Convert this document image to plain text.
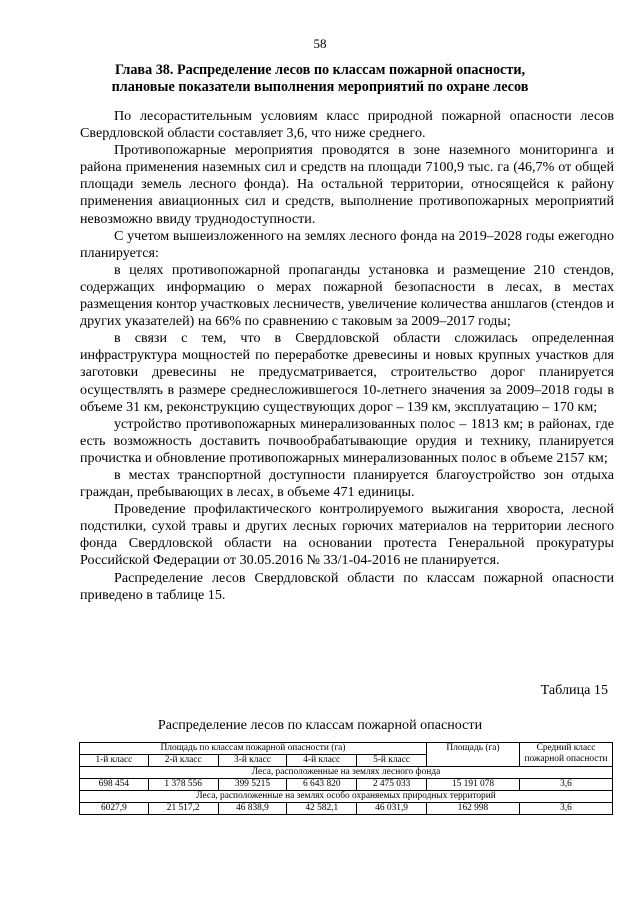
58
Глава 38. Распределение лесов по классам пожарной опасности,
плановые показатели выполнения мероприятий по охране лесов

По лесорастительным условиям класс природной пожарной опасности лесов Свердловской области составляет 3,6, что ниже среднего.

Противопожарные мероприятия проводятся в зоне наземного мониторинга и района применения наземных сил и средств на площади 7100,9 тыс. га (46,7% от общей площади земель лесного фонда). На остальной территории, относящейся к району применения авиационных сил и средств, выполнение противопожарных мероприятий невозможно ввиду труднодоступности.

С учетом вышеизложенного на землях лесного фонда на 2019–2028 годы ежегодно планируется:

в целях противопожарной пропаганды установка и размещение 210 стендов, содержащих информацию о мерах пожарной безопасности в лесах, в местах размещения контор участковых лесничеств, увеличение количества аншлагов (стендов и других указателей) на 66% по сравнению с таковым за 2009–2017 годы;

в связи с тем, что в Свердловской области сложилась определенная инфраструктура мощностей по переработке древесины и новых крупных участков для заготовки древесины не предусматривается, строительство дорог планируется осуществлять в размере среднесложившегося 10-летнего значения за 2009–2018 годы в объеме 31 км, реконструкцию существующих дорог – 139 км, эксплуатацию – 170 км;

устройство противопожарных минерализованных полос – 1813 км; в районах, где есть возможность доставить почвообрабатывающие орудия и технику, планируется прочистка и обновление противопожарных минерализованных полос в объеме 2157 км;

в местах транспортной доступности планируется благоустройство зон отдыха граждан, пребывающих в лесах, в объеме 471 единицы.

Проведение профилактического контролируемого выжигания хвороста, лесной подстилки, сухой травы и других лесных горючих материалов на территории лесного фонда Свердловской области на основании протеста Генеральной прокуратуры Российской Федерации от 30.05.2016 № 33/1-04-2016 не планируется.

Распределение лесов Свердловской области по классам пожарной опасности приведено в таблице 15.

Таблица 15
Распределение лесов по классам пожарной опасности
Площадь по классам пожарной опасности (га)					Площадь (га)	Средний класс пожарной опасности
1-й класс	2-й класс	3-й класс	4-й класс	5-й класс		
Леса, расположенные на землях лесного фонда						
698 454	1 378 556	399 5215	6 643 820	2 475 033	15 191 078	3,6
Леса, расположенные на землях особо охраняемых природных территорий						
6027,9	21 517,2	46 838,9	42 582,1	46 031,9	162 998	3,6
